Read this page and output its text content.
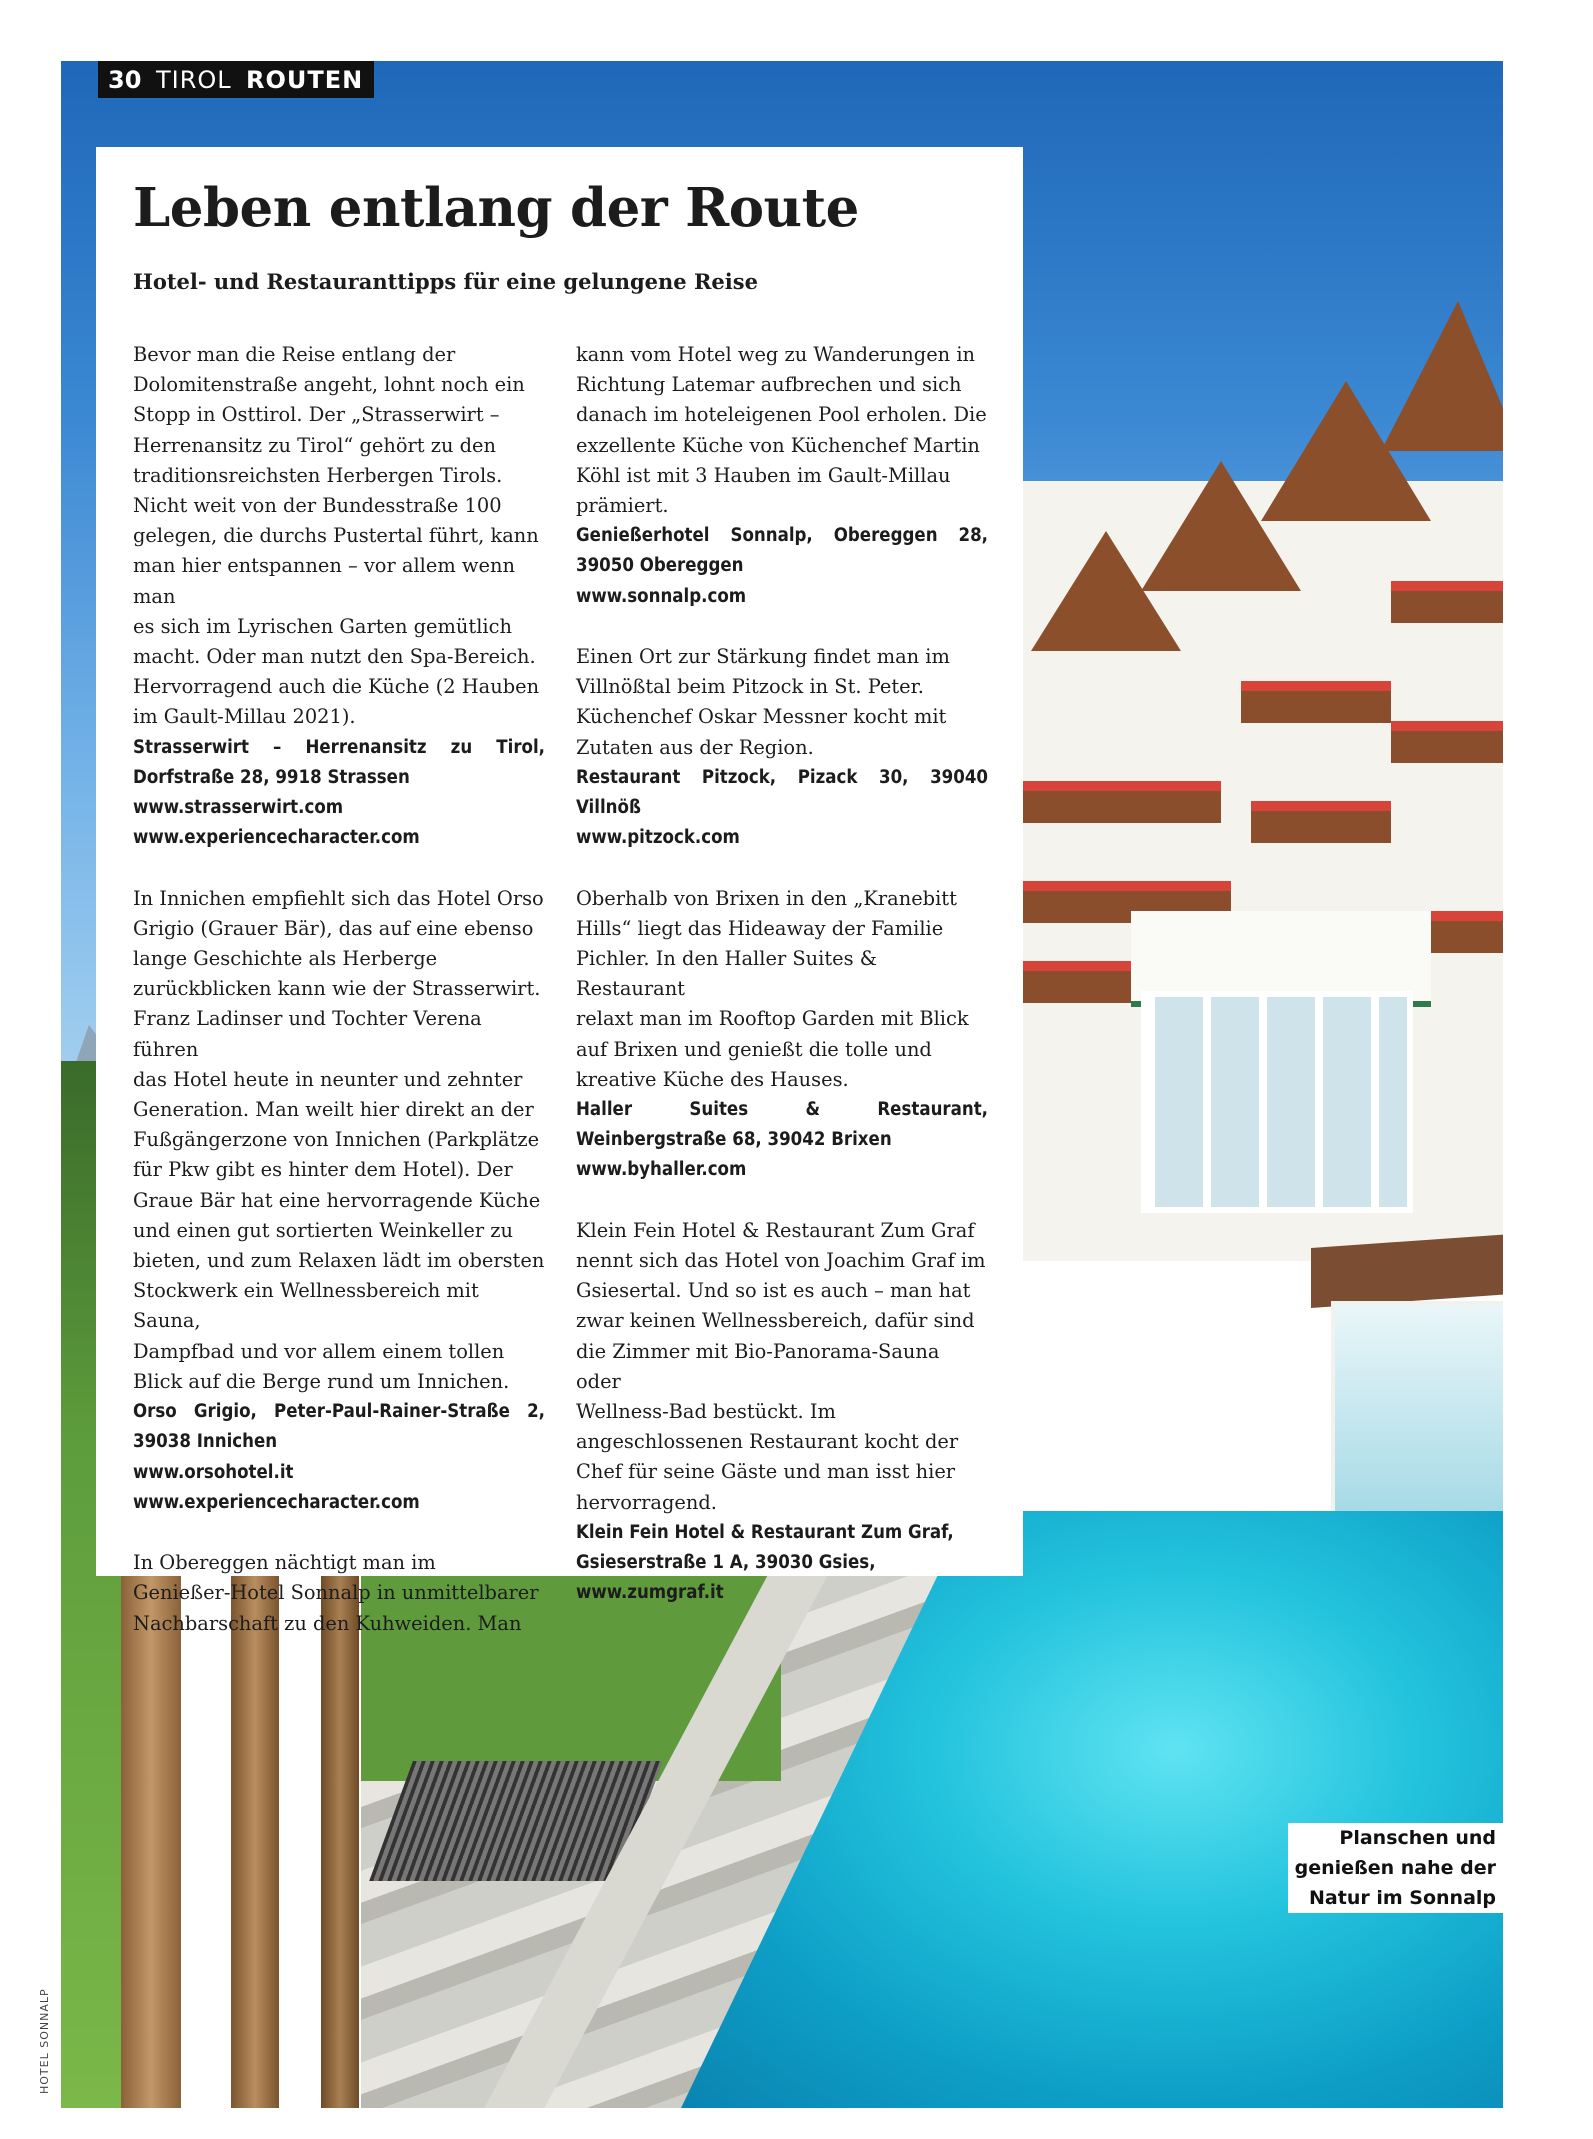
30 TIROL ROUTEN
Leben entlang der Route

Hotel- und Restauranttipps für eine gelungene Reise

Bevor man die Reise entlang der

Dolomitenstraße angeht, lohnt noch ein

Stopp in Osttirol. Der „Strasserwirt –

Herrenansitz zu Tirol“ gehört zu den

traditionsreichsten Herbergen Tirols.

Nicht weit von der Bundesstraße 100

gelegen, die durchs Pustertal führt, kann

man hier entspannen – vor allem wenn man

es sich im Lyrischen Garten gemütlich

macht. Oder man nutzt den Spa-Bereich.

Hervorragend auch die Küche (2 Hauben

im Gault-Millau 2021).

Strasserwirt – Herrenansitz zu Tirol, Dorfstraße 28, 9918 Strassen

www.strasserwirt.com

www.experiencecharacter.com

In Innichen empfiehlt sich das Hotel Orso

Grigio (Grauer Bär), das auf eine ebenso

lange Geschichte als Herberge

zurückblicken kann wie der Strasserwirt.

Franz Ladinser und Tochter Verena führen

das Hotel heute in neunter und zehnter

Generation. Man weilt hier direkt an der

Fußgängerzone von Innichen (Parkplätze

für Pkw gibt es hinter dem Hotel). Der

Graue Bär hat eine hervorragende Küche

und einen gut sortierten Weinkeller zu

bieten, und zum Relaxen lädt im obersten

Stockwerk ein Wellnessbereich mit Sauna,

Dampfbad und vor allem einem tollen

Blick auf die Berge rund um Innichen.

Orso Grigio, Peter-Paul-Rainer-Straße 2, 39038 Innichen

www.orsohotel.it

www.experiencecharacter.com

In Obereggen nächtigt man im

Genießer-Hotel Sonnalp in unmittelbarer

Nachbarschaft zu den Kuhweiden. Man

kann vom Hotel weg zu Wanderungen in

Richtung Latemar aufbrechen und sich

danach im hoteleigenen Pool erholen. Die

exzellente Küche von Küchenchef Martin

Köhl ist mit 3 Hauben im Gault-Millau

prämiert.

Genießerhotel Sonnalp, Obereggen 28, 39050 Obereggen

www.sonnalp.com

Einen Ort zur Stärkung findet man im

Villnößtal beim Pitzock in St. Peter.

Küchenchef Oskar Messner kocht mit

Zutaten aus der Region.

Restaurant Pitzock, Pizack 30, 39040 Villnöß

www.pitzock.com

Oberhalb von Brixen in den „Kranebitt

Hills“ liegt das Hideaway der Familie

Pichler. In den Haller Suites & Restaurant

relaxt man im Rooftop Garden mit Blick

auf Brixen und genießt die tolle und

kreative Küche des Hauses.

Haller Suites & Restaurant, Weinbergstraße 68, 39042 Brixen

www.byhaller.com

Klein Fein Hotel & Restaurant Zum Graf

nennt sich das Hotel von Joachim Graf im

Gsiesertal. Und so ist es auch – man hat

zwar keinen Wellnessbereich, dafür sind

die Zimmer mit Bio-Panorama-Sauna oder

Wellness-Bad bestückt. Im

angeschlossenen Restaurant kocht der

Chef für seine Gäste und man isst hier

hervorragend.

Klein Fein Hotel & Restaurant Zum Graf, Gsieserstraße 1 A, 39030 Gsies,

www.zumgraf.it

Planschen und
genießen nahe der
Natur im Sonnalp
HOTEL SONNALP
